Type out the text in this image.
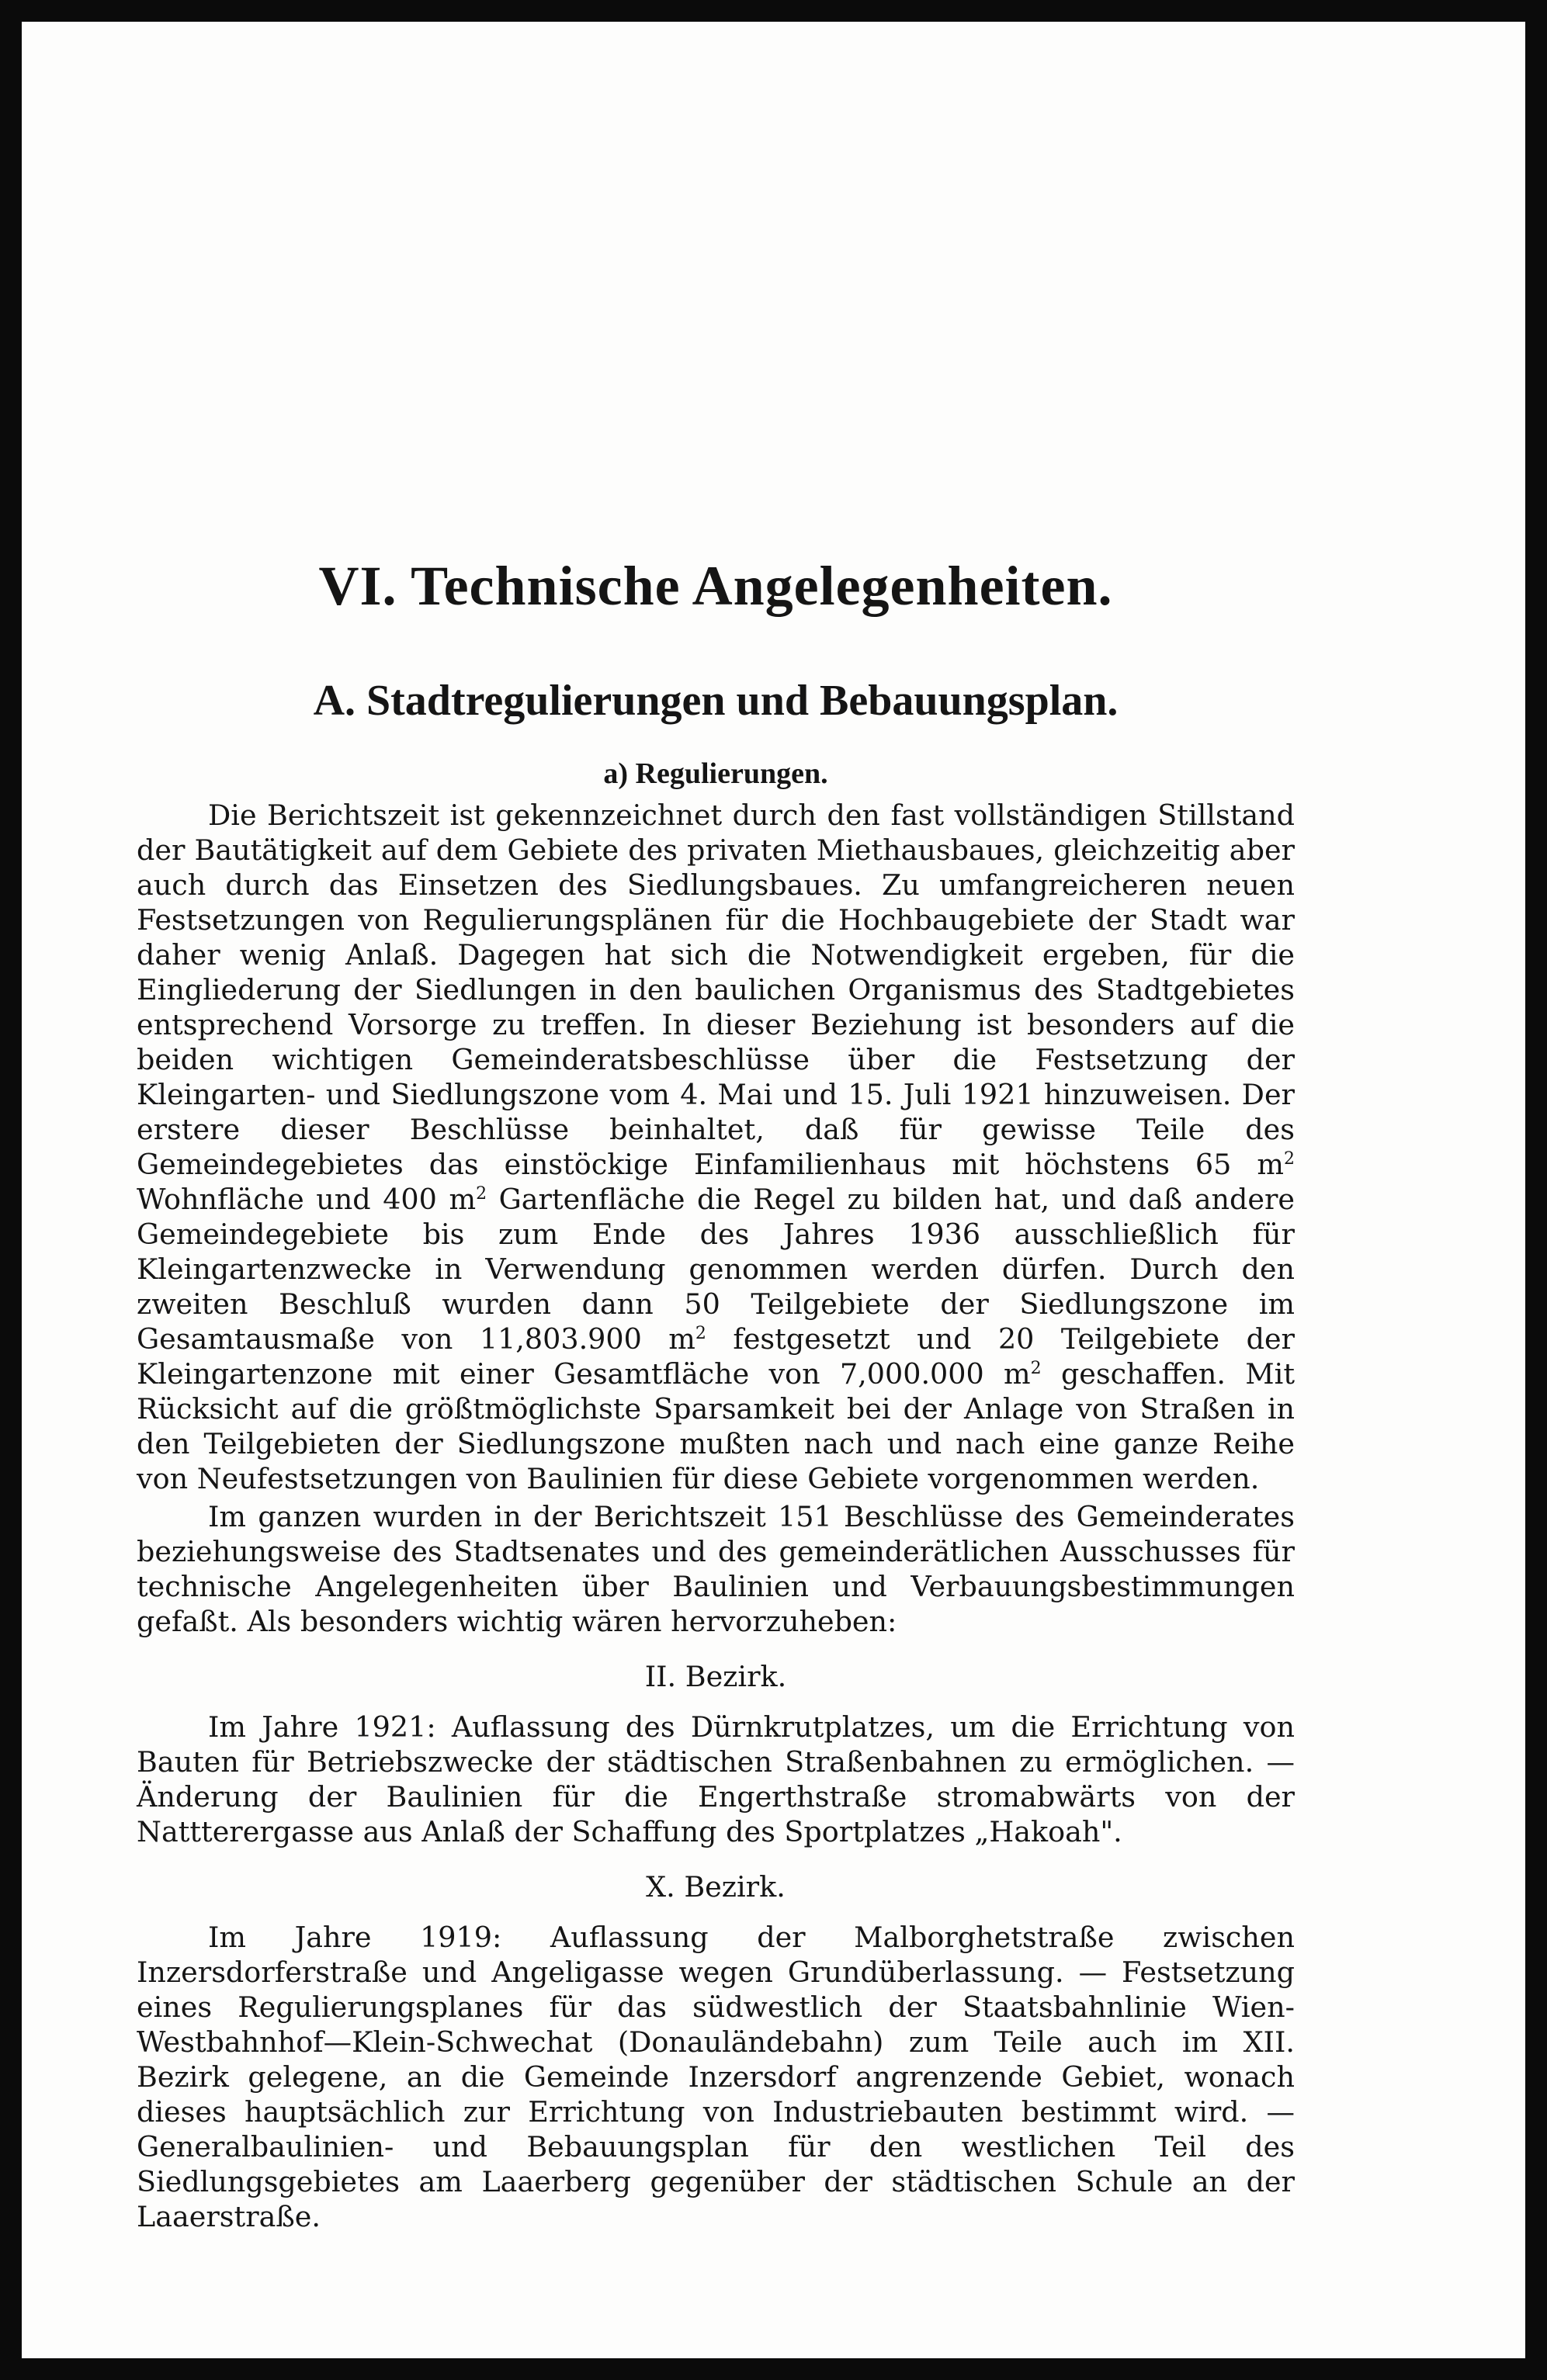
VI. Technische Angelegenheiten.
A. Stadtregulierungen und Bebauungsplan.
a) Regulierungen.

Die Berichtszeit ist gekennzeichnet durch den fast vollständigen Stillstand der Bautätigkeit auf dem Gebiete des privaten Miethausbaues, gleichzeitig aber auch durch das Einsetzen des Siedlungsbaues. Zu umfangreicheren neuen Festsetzungen von Regulierungsplänen für die Hochbaugebiete der Stadt war daher wenig Anlaß. Dagegen hat sich die Notwendigkeit ergeben, für die Eingliederung der Siedlungen in den baulichen Organismus des Stadtgebietes entsprechend Vorsorge zu treffen. In dieser Beziehung ist besonders auf die beiden wichtigen Gemeinderatsbeschlüsse über die Festsetzung der Kleingarten- und Siedlungszone vom 4. Mai und 15. Juli 1921 hinzuweisen. Der erstere dieser Beschlüsse beinhaltet, daß für gewisse Teile des Gemeindegebietes das einstöckige Einfamilienhaus mit höchstens 65 $m^2$ Wohnfläche und 400 $m^2$ Gartenfläche die Regel zu bilden hat, und daß andere Gemeindegebiete bis zum Ende des Jahres 1936 ausschließlich für Kleingartenzwecke in Verwendung genommen werden dürfen. Durch den zweiten Beschluß wurden dann 50 Teilgebiete der Siedlungszone im Gesamtausmaße von 11,803.900 $m^2$ festgesetzt und 20 Teilgebiete der Kleingartenzone mit einer Gesamtfläche von 7,000.000 $m^2$ geschaffen. Mit Rücksicht auf die größtmöglichste Sparsamkeit bei der Anlage von Straßen in den Teilgebieten der Siedlungszone mußten nach und nach eine ganze Reihe von Neufestsetzungen von Baulinien für diese Gebiete vorgenommen werden.

Im ganzen wurden in der Berichtszeit 151 Beschlüsse des Gemeinderates beziehungsweise des Stadtsenates und des gemeinderätlichen Ausschusses für technische Angelegenheiten über Baulinien und Verbauungsbestimmungen gefaßt. Als besonders wichtig wären hervorzuheben:

II. Bezirk.

Im Jahre 1921: Auflassung des Dürnkrutplatzes, um die Errichtung von Bauten für Betriebszwecke der städtischen Straßenbahnen zu ermöglichen. — Änderung der Baulinien für die Engerthstraße stromabwärts von der Nattterergasse aus Anlaß der Schaffung des Sportplatzes „Hakoah".

X. Bezirk.

Im Jahre 1919: Auflassung der Malborghetstraße zwischen Inzersdorferstraße und Angeligasse wegen Grundüberlassung. — Festsetzung eines Regulierungsplanes für das südwestlich der Staatsbahnlinie Wien-Westbahnhof—Klein-Schwechat (Donauländebahn) zum Teile auch im XII. Bezirk gelegene, an die Gemeinde Inzersdorf angrenzende Gebiet, wonach dieses hauptsächlich zur Errichtung von Industriebauten bestimmt wird. — Generalbaulinien- und Bebauungsplan für den westlichen Teil des Siedlungsgebietes am Laaerberg gegenüber der städtischen Schule an der Laaerstraße.
